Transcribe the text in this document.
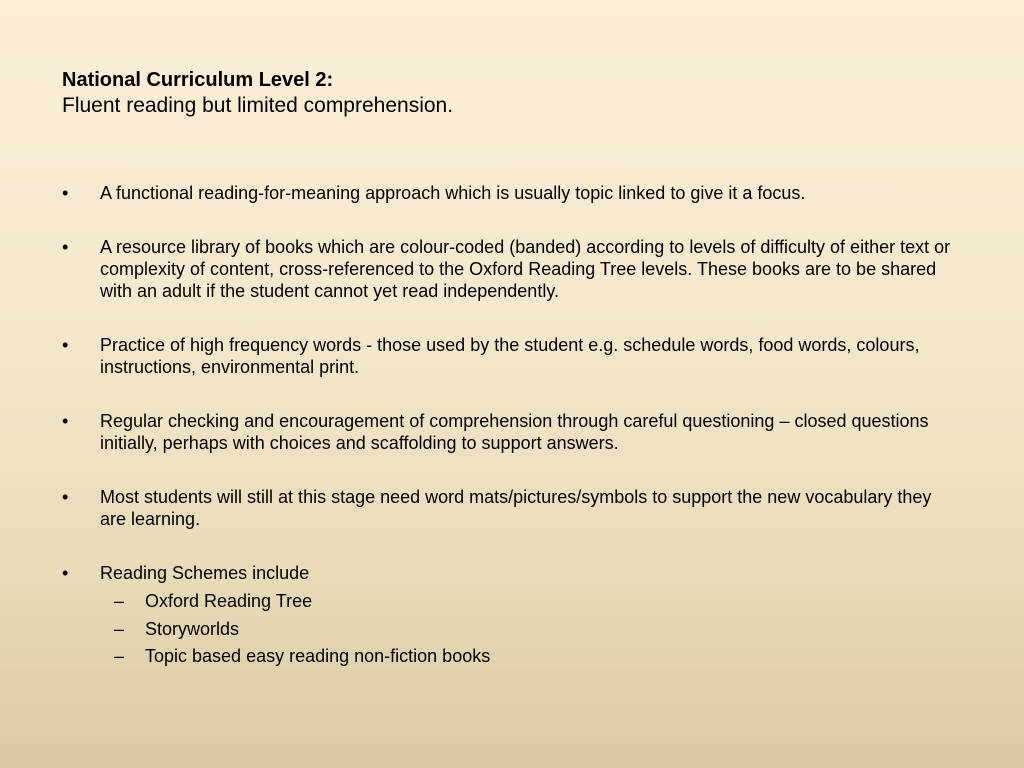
National Curriculum Level 2:
Fluent reading but limited comprehension.
•	A functional reading-for-meaning approach which is usually topic linked to give it a focus.
•	A resource library of books which are colour-coded (banded) according to levels of difficulty of either text or complexity of content, cross-referenced to the Oxford Reading Tree levels. These books are to be shared with an adult if the student cannot yet read independently.
•	Practice of high frequency words - those used by the student e.g. schedule words, food words, colours, instructions, environmental print.
•	Regular checking and encouragement of comprehension through careful questioning – closed questions initially, perhaps with choices and scaffolding to support answers.
•	Most students will still at this stage need word mats/pictures/symbols to support the new vocabulary they are learning.
•	Reading Schemes include
– Oxford Reading Tree
– Storyworlds
– Topic based easy reading non-fiction books
